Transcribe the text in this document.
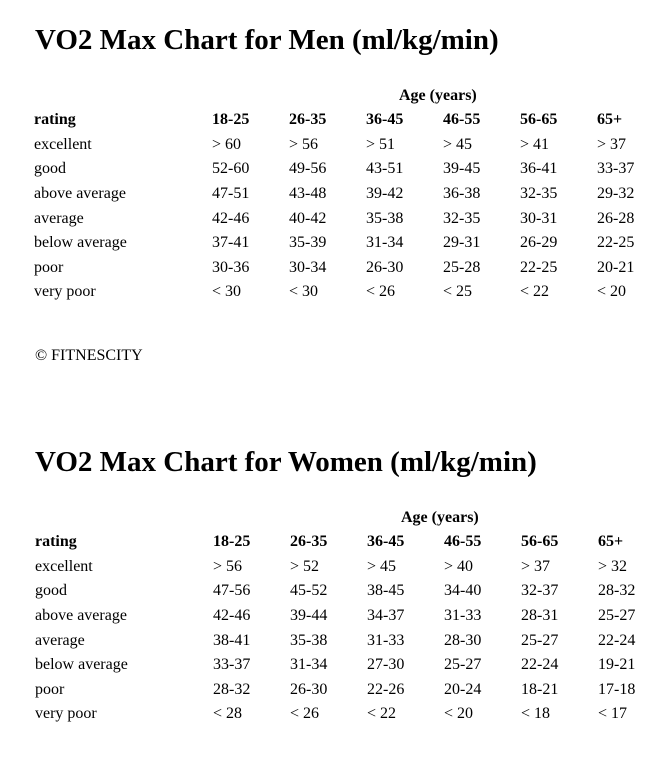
VO2 Max Chart for Men (ml/kg/min)
Age (years)
rating	18-25	26-35	36-45	46-55	56-65	65+
excellent	> 60	> 56	> 51	> 45	> 41	> 37
good	52-60	49-56	43-51	39-45	36-41	33-37
above average	47-51	43-48	39-42	36-38	32-35	29-32
average	42-46	40-42	35-38	32-35	30-31	26-28
below average	37-41	35-39	31-34	29-31	26-29	22-25
poor	30-36	30-34	26-30	25-28	22-25	20-21
very poor	< 30	< 30	< 26	< 25	< 22	< 20
© FITNESCITY
VO2 Max Chart for Women (ml/kg/min)
Age (years)
rating	18-25	26-35	36-45	46-55	56-65	65+
excellent	> 56	> 52	> 45	> 40	> 37	> 32
good	47-56	45-52	38-45	34-40	32-37	28-32
above average	42-46	39-44	34-37	31-33	28-31	25-27
average	38-41	35-38	31-33	28-30	25-27	22-24
below average	33-37	31-34	27-30	25-27	22-24	19-21
poor	28-32	26-30	22-26	20-24	18-21	17-18
very poor	< 28	< 26	< 22	< 20	< 18	< 17
